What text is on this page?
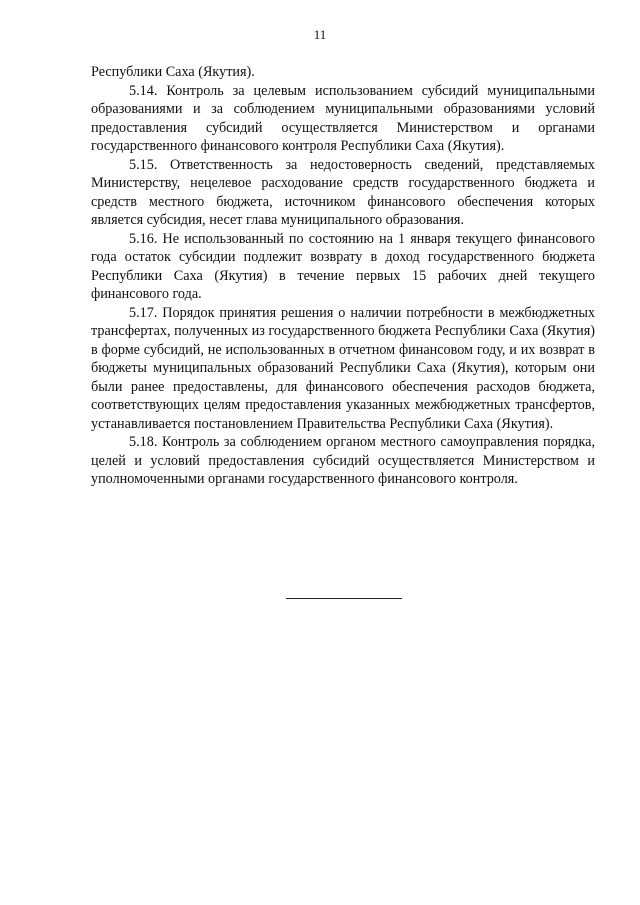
11

Республики Саха (Якутия).

5.14. Контроль за целевым использованием субсидий муниципальными образованиями и за соблюдением муниципальными образованиями условий предоставления субсидий осуществляется Министерством и органами государственного финансового контроля Республики Саха (Якутия).

5.15. Ответственность за недостоверность сведений, представляемых Министерству, нецелевое расходование средств государственного бюджета и средств местного бюджета, источником финансового обеспечения которых является субсидия, несет глава муниципального образования.

5.16. Не использованный по состоянию на 1 января текущего финансового года остаток субсидии подлежит возврату в доход государственного бюджета Республики Саха (Якутия) в течение первых 15 рабочих дней текущего финансового года.

5.17. Порядок принятия решения о наличии потребности в межбюджетных трансфертах, полученных из государственного бюджета Республики Саха (Якутия) в форме субсидий, не использованных в отчетном финансовом году, и их возврат в бюджеты муниципальных образований Республики Саха (Якутия), которым они были ранее предоставлены, для финансового обеспечения расходов бюджета, соответствующих целям предоставления указанных межбюджетных трансфертов, устанавливается постановлением Правительства Республики Саха (Якутия).

5.18. Контроль за соблюдением органом местного самоуправления порядка, целей и условий предоставления субсидий осуществляется Министерством и уполномоченными органами государственного финансового контроля.
